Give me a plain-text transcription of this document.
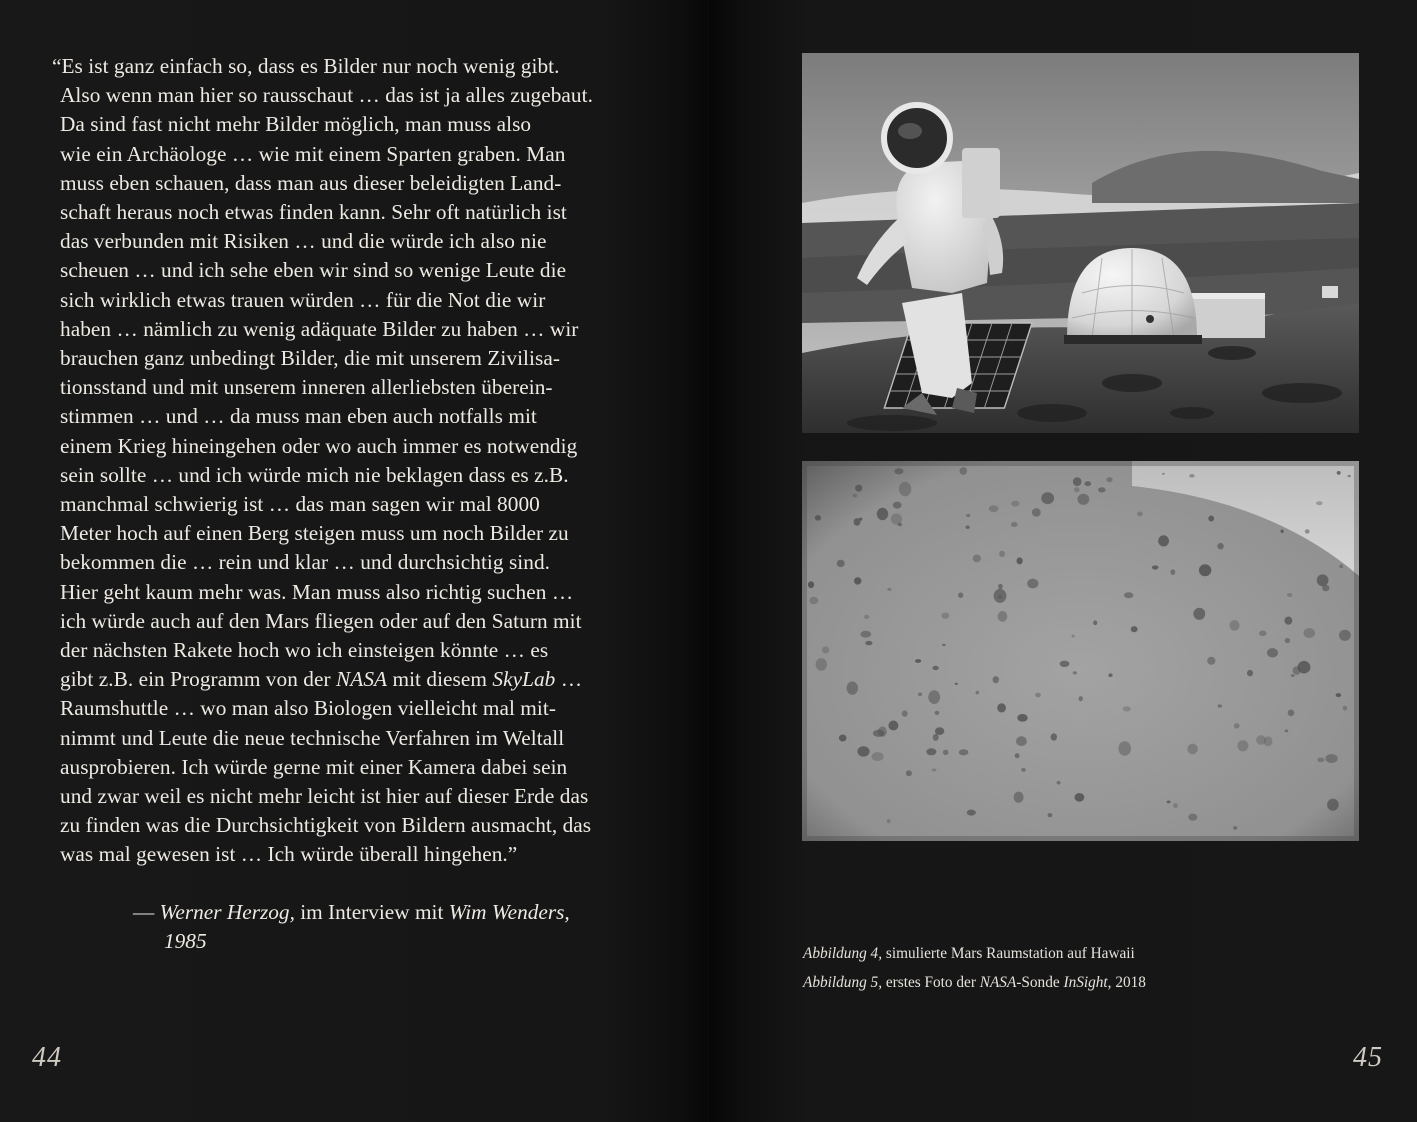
“Es ist ganz einfach so, dass es Bilder nur noch wenig gibt.
Also wenn man hier so rausschaut … das ist ja alles zugebaut.
Da sind fast nicht mehr Bilder möglich, man muss also
wie ein Archäologe … wie mit einem Sparten graben. Man
muss eben schauen, dass man aus dieser beleidigten Land-
schaft heraus noch etwas finden kann. Sehr oft natürlich ist
das verbunden mit Risiken … und die würde ich also nie
scheuen … und ich sehe eben wir sind so wenige Leute die
sich wirklich etwas trauen würden … für die Not die wir
haben … nämlich zu wenig adäquate Bilder zu haben … wir
brauchen ganz unbedingt Bilder, die mit unserem Zivilisa-
tionsstand und mit unserem inneren allerliebsten überein-
stimmen … und … da muss man eben auch notfalls mit
einem Krieg hineingehen oder wo auch immer es notwendig
sein sollte … und ich würde mich nie beklagen dass es z.B.
manchmal schwierig ist … das man sagen wir mal 8000
Meter hoch auf einen Berg steigen muss um noch Bilder zu
bekommen die … rein und klar … und durchsichtig sind.
Hier geht kaum mehr was. Man muss also richtig suchen …
ich würde auch auf den Mars fliegen oder auf den Saturn mit
der nächsten Rakete hoch wo ich einsteigen könnte … es
gibt z.B. ein Programm von der NASA mit diesem SkyLab …
Raumshuttle … wo man also Biologen vielleicht mal mit-
nimmt und Leute die neue technische Verfahren im Weltall
ausprobieren. Ich würde gerne mit einer Kamera dabei sein
und zwar weil es nicht mehr leicht ist hier auf dieser Erde das
zu finden was die Durchsichtigkeit von Bildern ausmacht, das
was mal gewesen ist … Ich würde überall hingehen.”

— Werner Herzog, im Interview mit Wim Wenders,
1985
44	45
Abbildung 4, simulierte Mars Raumstation auf Hawaii
Abbildung 5, erstes Foto der NASA-Sonde InSight, 2018
